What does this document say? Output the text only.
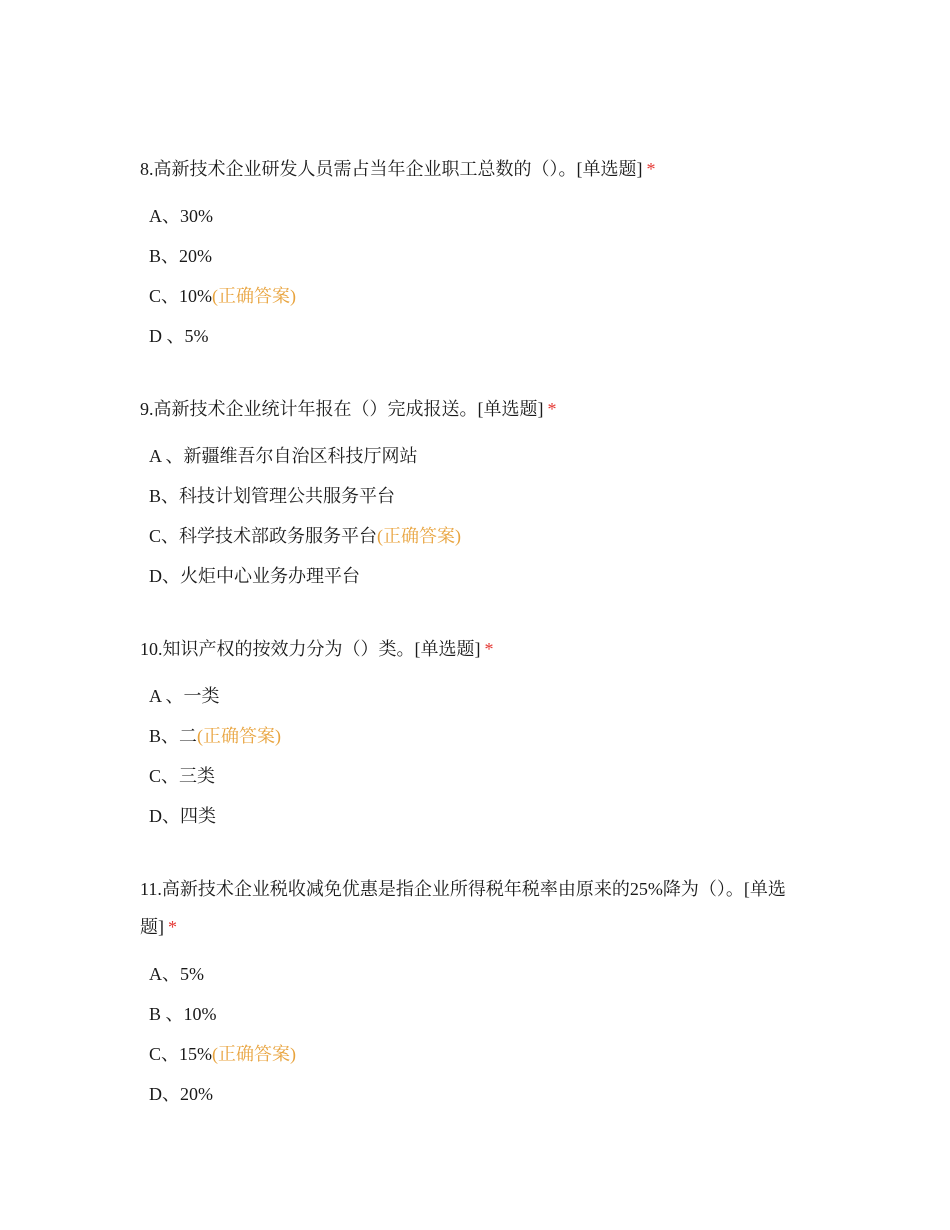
8.高新技术企业研发人员需占当年企业职工总数的（）。[单选题] *
A、30%
B、20%
C、10%(正确答案)
D 、5%
9.高新技术企业统计年报在（）完成报送。[单选题] *
A 、新疆维吾尔自治区科技厅网站
B、科技计划管理公共服务平台
C、科学技术部政务服务平台(正确答案)
D、火炬中心业务办理平台
10.知识产权的按效力分为（）类。[单选题] *
A 、一类
B、二(正确答案)
C、三类
D、四类
11.高新技术企业税收减免优惠是指企业所得税年税率由原来的25%降为（）。[单选题] *
A、5%
B 、10%
C、15%(正确答案)
D、20%
